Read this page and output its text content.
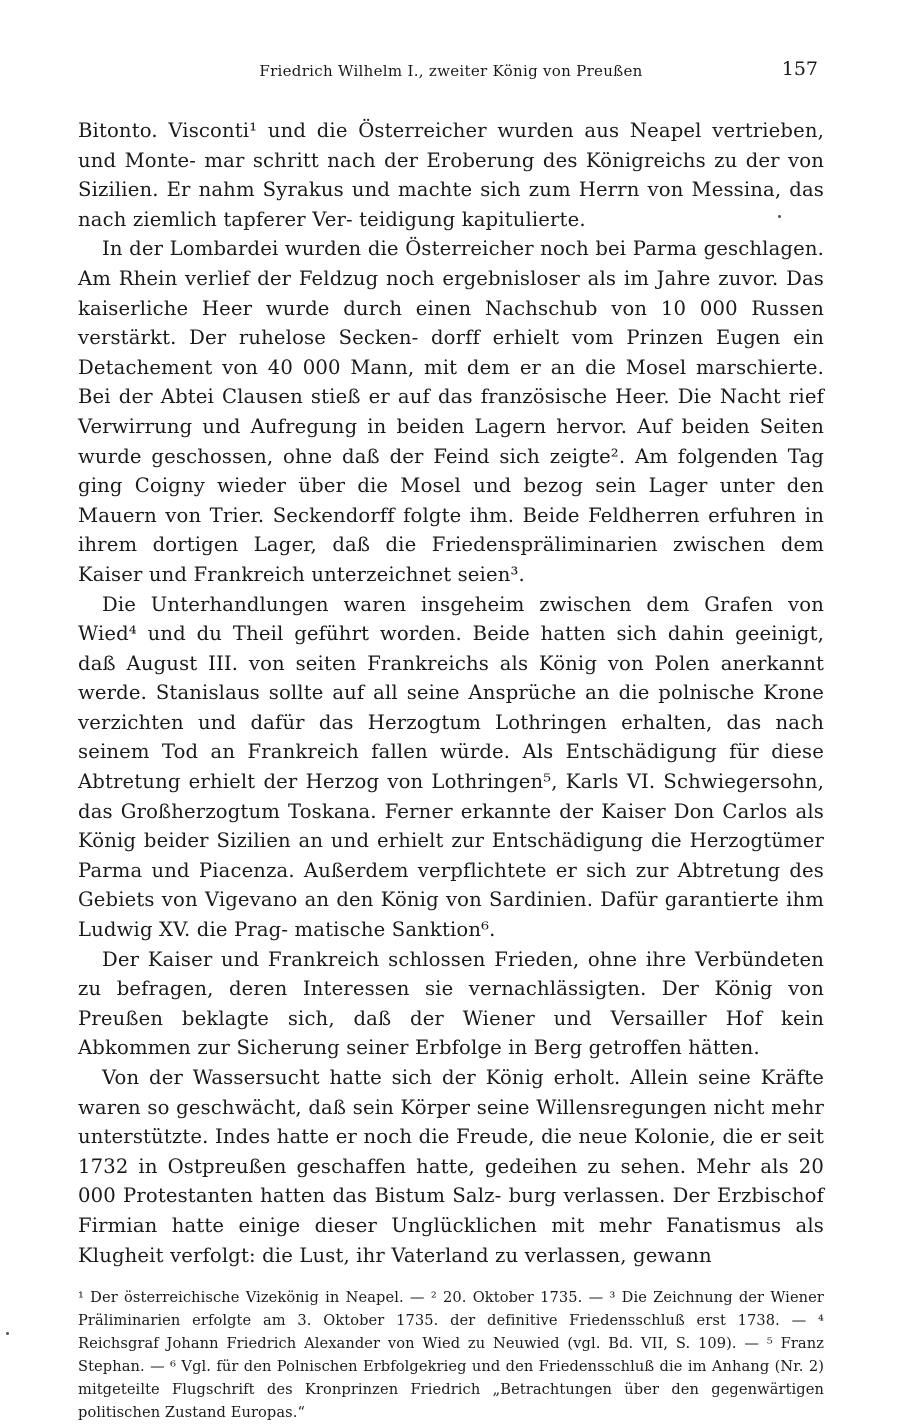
Friedrich Wilhelm I., zweiter König von Preußen	157

Bitonto. Visconti¹ und die Österreicher wurden aus Neapel vertrieben, und Monte- mar schritt nach der Eroberung des Königreichs zu der von Sizilien. Er nahm Syrakus und machte sich zum Herrn von Messina, das nach ziemlich tapferer Ver- teidigung kapitulierte.

In der Lombardei wurden die Österreicher noch bei Parma geschlagen. Am Rhein verlief der Feldzug noch ergebnisloser als im Jahre zuvor. Das kaiserliche Heer wurde durch einen Nachschub von 10 000 Russen verstärkt. Der ruhelose Secken- dorff erhielt vom Prinzen Eugen ein Detachement von 40 000 Mann, mit dem er an die Mosel marschierte. Bei der Abtei Clausen stieß er auf das französische Heer. Die Nacht rief Verwirrung und Aufregung in beiden Lagern hervor. Auf beiden Seiten wurde geschossen, ohne daß der Feind sich zeigte². Am folgenden Tag ging Coigny wieder über die Mosel und bezog sein Lager unter den Mauern von Trier. Seckendorff folgte ihm. Beide Feldherren erfuhren in ihrem dortigen Lager, daß die Friedenspräliminarien zwischen dem Kaiser und Frankreich unterzeichnet seien³.

Die Unterhandlungen waren insgeheim zwischen dem Grafen von Wied⁴ und du Theil geführt worden. Beide hatten sich dahin geeinigt, daß August III. von seiten Frankreichs als König von Polen anerkannt werde. Stanislaus sollte auf all seine Ansprüche an die polnische Krone verzichten und dafür das Herzogtum Lothringen erhalten, das nach seinem Tod an Frankreich fallen würde. Als Entschädigung für diese Abtretung erhielt der Herzog von Lothringen⁵, Karls VI. Schwiegersohn, das Großherzogtum Toskana. Ferner erkannte der Kaiser Don Carlos als König beider Sizilien an und erhielt zur Entschädigung die Herzogtümer Parma und Piacenza. Außerdem verpflichtete er sich zur Abtretung des Gebiets von Vigevano an den König von Sardinien. Dafür garantierte ihm Ludwig XV. die Prag- matische Sanktion⁶.

Der Kaiser und Frankreich schlossen Frieden, ohne ihre Verbündeten zu befragen, deren Interessen sie vernachlässigten. Der König von Preußen beklagte sich, daß der Wiener und Versailler Hof kein Abkommen zur Sicherung seiner Erbfolge in Berg getroffen hätten.

Von der Wassersucht hatte sich der König erholt. Allein seine Kräfte waren so geschwächt, daß sein Körper seine Willensregungen nicht mehr unterstützte. Indes hatte er noch die Freude, die neue Kolonie, die er seit 1732 in Ostpreußen geschaffen hatte, gedeihen zu sehen. Mehr als 20 000 Protestanten hatten das Bistum Salz- burg verlassen. Der Erzbischof Firmian hatte einige dieser Unglücklichen mit mehr Fanatismus als Klugheit verfolgt: die Lust, ihr Vaterland zu verlassen, gewann

¹ Der österreichische Vizekönig in Neapel. — ² 20. Oktober 1735. — ³ Die Zeichnung der Wiener Präliminarien erfolgte am 3. Oktober 1735. der definitive Friedensschluß erst 1738. — ⁴ Reichsgraf Johann Friedrich Alexander von Wied zu Neuwied (vgl. Bd. VII, S. 109). — ⁵ Franz Stephan. — ⁶ Vgl. für den Polnischen Erbfolgekrieg und den Friedensschluß die im Anhang (Nr. 2) mitgeteilte Flugschrift des Kronprinzen Friedrich „Betrachtungen über den gegenwärtigen politischen Zustand Europas.“
